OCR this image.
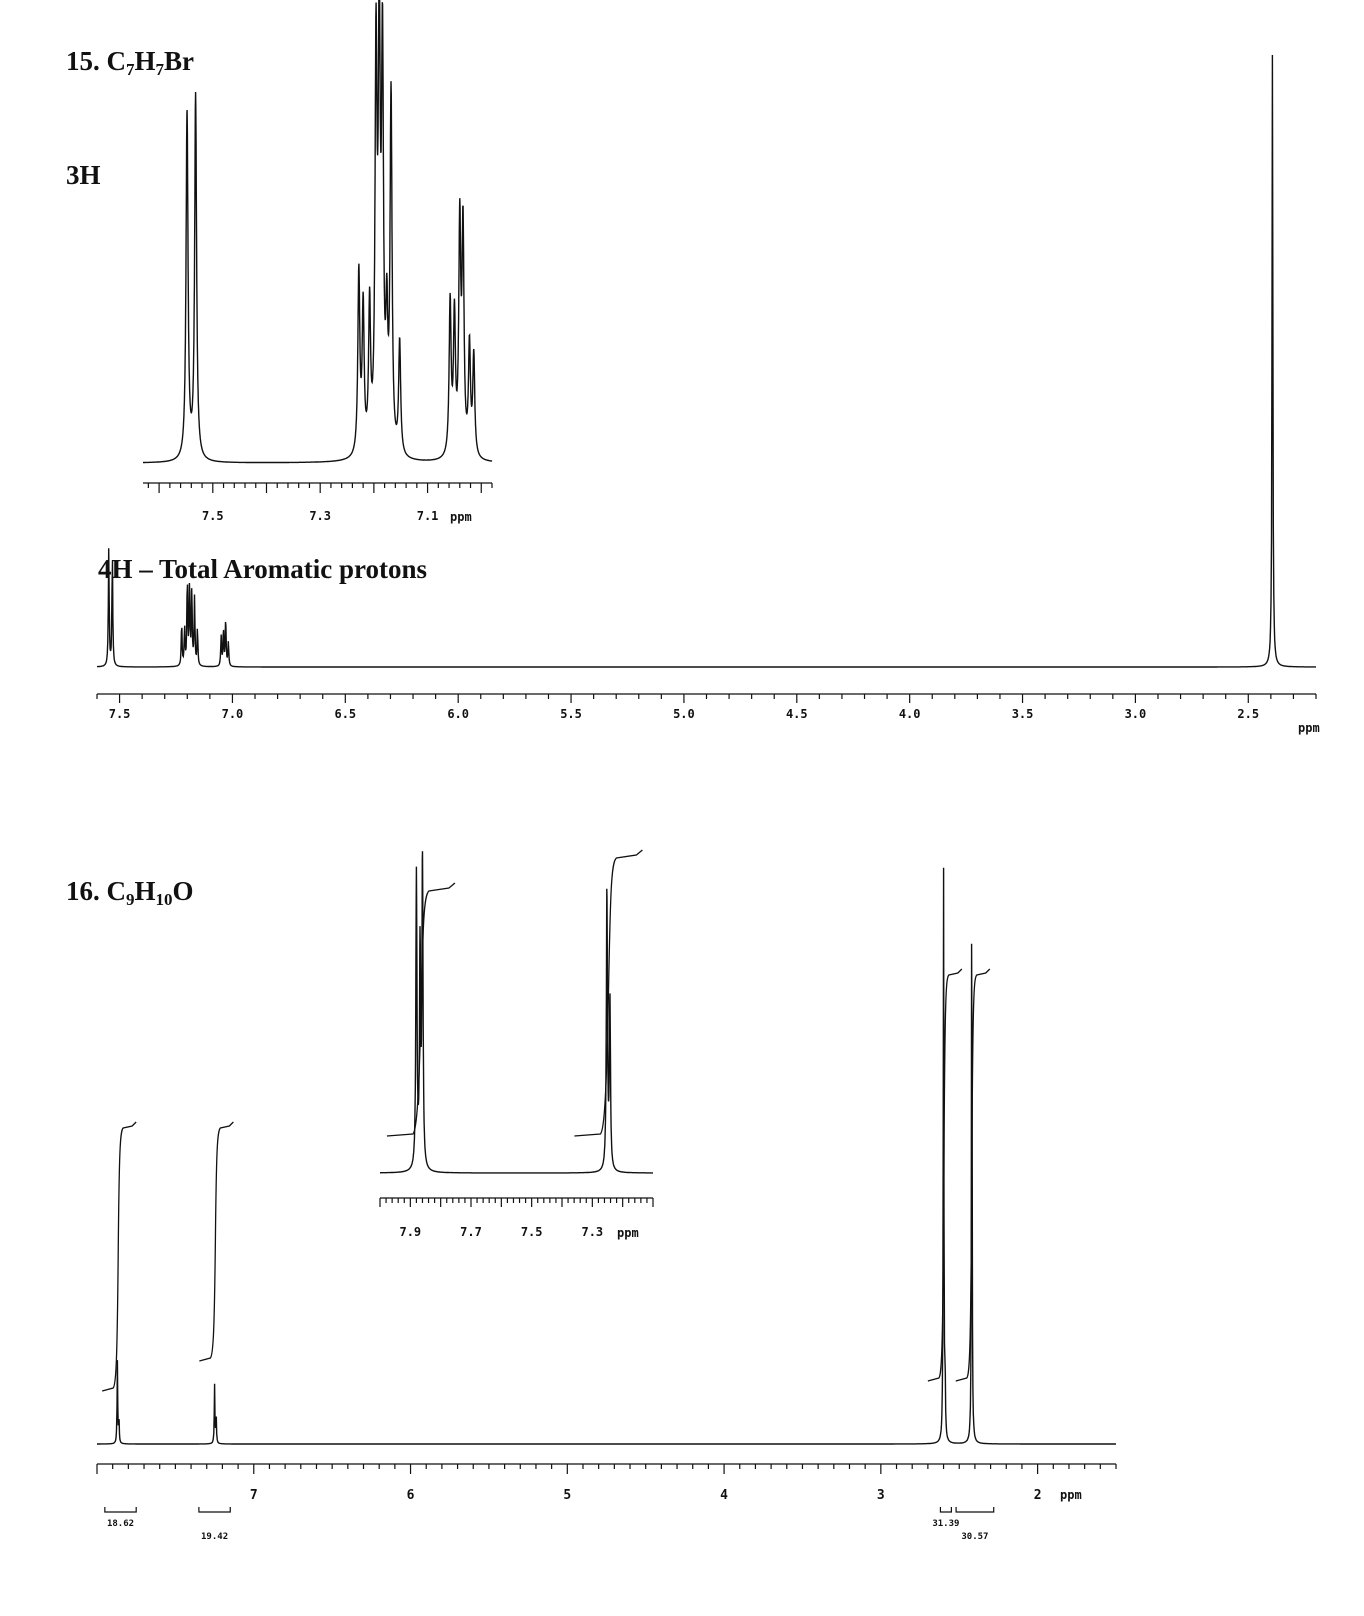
15. C7H7Br
3H
4H – Total Aromatic protons
7.5	7.0	6.5	6.0	5.5	5.0	4.5	4.0	3.5	3.0	2.5
ppm
7.5	7.3	7.1 ppm
16. C9H10O
7	6	5	4	3	2 ppm
18.62
19.42
31.39
30.57
7.9	7.7	7.5	7.3 ppm
